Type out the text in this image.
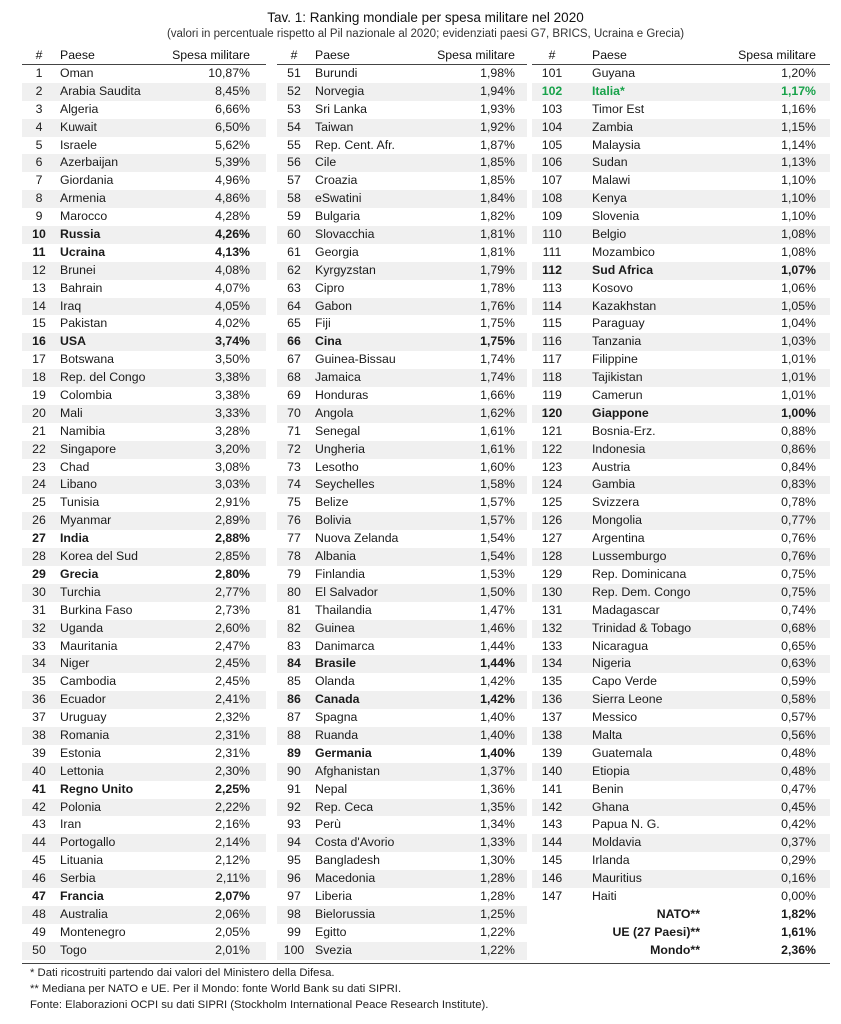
Tav. 1: Ranking mondiale per spesa militare nel 2020
(valori in percentuale rispetto al Pil nazionale al 2020; evidenziati paesi G7, BRICS, Ucraina e Grecia)
#	Paese	Spesa militare
1	Oman	10,87%
2	Arabia Saudita	8,45%
3	Algeria	6,66%
4	Kuwait	6,50%
5	Israele	5,62%
6	Azerbaijan	5,39%
7	Giordania	4,96%
8	Armenia	4,86%
9	Marocco	4,28%
10	Russia	4,26%
11	Ucraina	4,13%
12	Brunei	4,08%
13	Bahrain	4,07%
14	Iraq	4,05%
15	Pakistan	4,02%
16	USA	3,74%
17	Botswana	3,50%
18	Rep. del Congo	3,38%
19	Colombia	3,38%
20	Mali	3,33%
21	Namibia	3,28%
22	Singapore	3,20%
23	Chad	3,08%
24	Libano	3,03%
25	Tunisia	2,91%
26	Myanmar	2,89%
27	India	2,88%
28	Korea del Sud	2,85%
29	Grecia	2,80%
30	Turchia	2,77%
31	Burkina Faso	2,73%
32	Uganda	2,60%
33	Mauritania	2,47%
34	Niger	2,45%
35	Cambodia	2,45%
36	Ecuador	2,41%
37	Uruguay	2,32%
38	Romania	2,31%
39	Estonia	2,31%
40	Lettonia	2,30%
41	Regno Unito	2,25%
42	Polonia	2,22%
43	Iran	2,16%
44	Portogallo	2,14%
45	Lituania	2,12%
46	Serbia	2,11%
47	Francia	2,07%
48	Australia	2,06%
49	Montenegro	2,05%
50	Togo	2,01%
#	Paese	Spesa militare
51	Burundi	1,98%
52	Norvegia	1,94%
53	Sri Lanka	1,93%
54	Taiwan	1,92%
55	Rep. Cent. Afr.	1,87%
56	Cile	1,85%
57	Croazia	1,85%
58	eSwatini	1,84%
59	Bulgaria	1,82%
60	Slovacchia	1,81%
61	Georgia	1,81%
62	Kyrgyzstan	1,79%
63	Cipro	1,78%
64	Gabon	1,76%
65	Fiji	1,75%
66	Cina	1,75%
67	Guinea-Bissau	1,74%
68	Jamaica	1,74%
69	Honduras	1,66%
70	Angola	1,62%
71	Senegal	1,61%
72	Ungheria	1,61%
73	Lesotho	1,60%
74	Seychelles	1,58%
75	Belize	1,57%
76	Bolivia	1,57%
77	Nuova Zelanda	1,54%
78	Albania	1,54%
79	Finlandia	1,53%
80	El Salvador	1,50%
81	Thailandia	1,47%
82	Guinea	1,46%
83	Danimarca	1,44%
84	Brasile	1,44%
85	Olanda	1,42%
86	Canada	1,42%
87	Spagna	1,40%
88	Ruanda	1,40%
89	Germania	1,40%
90	Afghanistan	1,37%
91	Nepal	1,36%
92	Rep. Ceca	1,35%
93	Perù	1,34%
94	Costa d'Avorio	1,33%
95	Bangladesh	1,30%
96	Macedonia	1,28%
97	Liberia	1,28%
98	Bielorussia	1,25%
99	Egitto	1,22%
100 Svezia	1,22%
#	Paese	Spesa militare
101	Guyana	1,20%
102	Italia*	1,17%
103	Timor Est	1,16%
104	Zambia	1,15%
105	Malaysia	1,14%
106	Sudan	1,13%
107	Malawi	1,10%
108	Kenya	1,10%
109	Slovenia	1,10%
110	Belgio	1,08%
111	Mozambico	1,08%
112	Sud Africa	1,07%
113	Kosovo	1,06%
114	Kazakhstan	1,05%
115	Paraguay	1,04%
116	Tanzania	1,03%
117	Filippine	1,01%
118	Tajikistan	1,01%
119	Camerun	1,01%
120	Giappone	1,00%
121	Bosnia-Erz.	0,88%
122	Indonesia	0,86%
123	Austria	0,84%
124	Gambia	0,83%
125	Svizzera	0,78%
126	Mongolia	0,77%
127	Argentina	0,76%
128	Lussemburgo	0,76%
129	Rep. Dominicana	0,75%
130	Rep. Dem. Congo	0,75%
131	Madagascar	0,74%
132	Trinidad & Tobago	0,68%
133	Nicaragua	0,65%
134	Nigeria	0,63%
135	Capo Verde	0,59%
136	Sierra Leone	0,58%
137	Messico	0,57%
138	Malta	0,56%
139	Guatemala	0,48%
140	Etiopia	0,48%
141	Benin	0,47%
142	Ghana	0,45%
143	Papua N. G.	0,42%
144	Moldavia	0,37%
145	Irlanda	0,29%
146	Mauritius	0,16%
147	Haiti	0,00%
NATO**	1,82%
UE (27 Paesi)**	1,61%
Mondo**	2,36%
* Dati ricostruiti partendo dai valori del Ministero della Difesa.
** Mediana per NATO e UE. Per il Mondo: fonte World Bank su dati SIPRI.
Fonte: Elaborazioni OCPI su dati SIPRI (Stockholm International Peace Research Institute).
